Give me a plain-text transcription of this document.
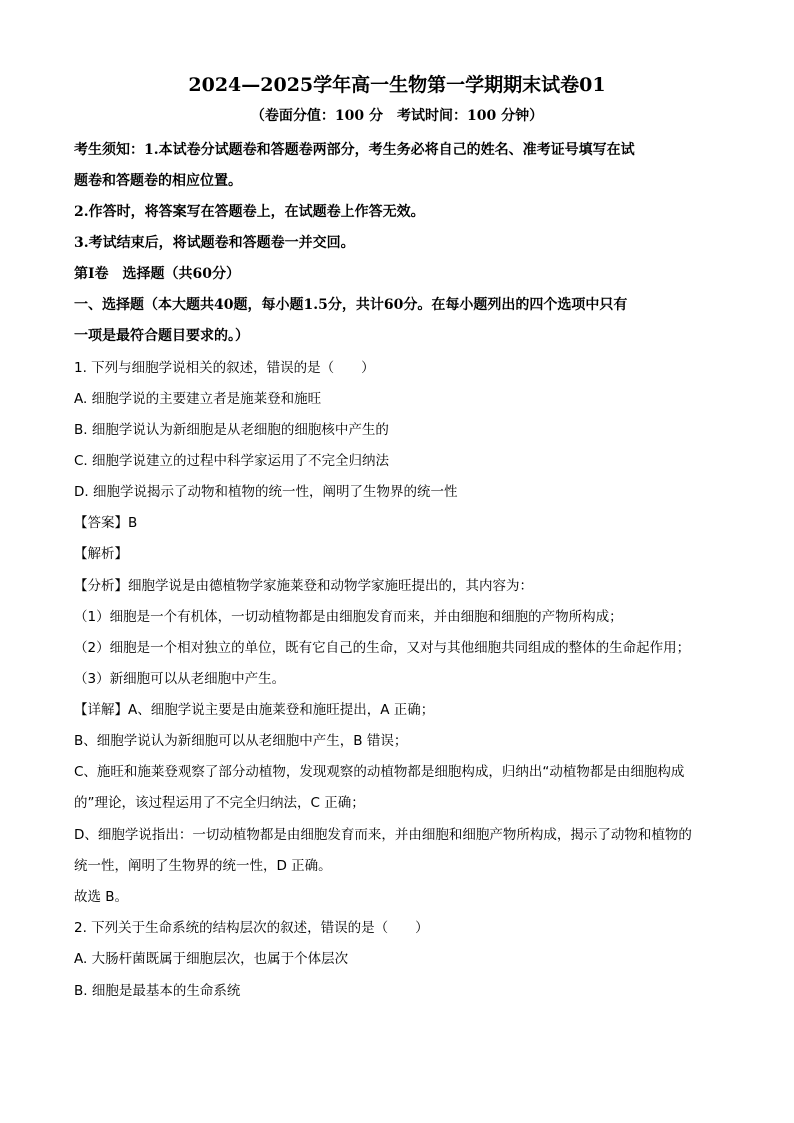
2024—2025学年高一生物第一学期期末试卷01
（卷面分值：100 分　考试时间：100 分钟）
考生须知：1.本试卷分试题卷和答题卷两部分，考生务必将自己的姓名、准考证号填写在试
题卷和答题卷的相应位置。
2.作答时，将答案写在答题卷上，在试题卷上作答无效。
3.考试结束后，将试题卷和答题卷一并交回。
第Ⅰ卷　选择题（共60分）
一、选择题（本大题共40题，每小题1.5分，共计60分。在每小题列出的四个选项中只有
一项是最符合题目要求的。）
1. 下列与细胞学说相关的叙述，错误的是（　　）
A. 细胞学说的主要建立者是施莱登和施旺
B. 细胞学说认为新细胞是从老细胞的细胞核中产生的
C. 细胞学说建立的过程中科学家运用了不完全归纳法
D. 细胞学说揭示了动物和植物的统一性，阐明了生物界的统一性
【答案】B
【解析】
【分析】细胞学说是由德植物学家施莱登和动物学家施旺提出的，其内容为：
（1）细胞是一个有机体，一切动植物都是由细胞发育而来，并由细胞和细胞的产物所构成；
（2）细胞是一个相对独立的单位，既有它自己的生命，又对与其他细胞共同组成的整体的生命起作用；
（3）新细胞可以从老细胞中产生。
【详解】A、细胞学说主要是由施莱登和施旺提出，A 正确；
B、细胞学说认为新细胞可以从老细胞中产生，B 错误；
C、施旺和施莱登观察了部分动植物，发现观察的动植物都是细胞构成，归纳出“动植物都是由细胞构成
的”理论，该过程运用了不完全归纳法，C 正确；
D、细胞学说指出：一切动植物都是由细胞发育而来，并由细胞和细胞产物所构成，揭示了动物和植物的
统一性，阐明了生物界的统一性，D 正确。
故选 B。
2. 下列关于生命系统的结构层次的叙述，错误的是（　　）
A. 大肠杆菌既属于细胞层次，也属于个体层次
B. 细胞是最基本的生命系统
